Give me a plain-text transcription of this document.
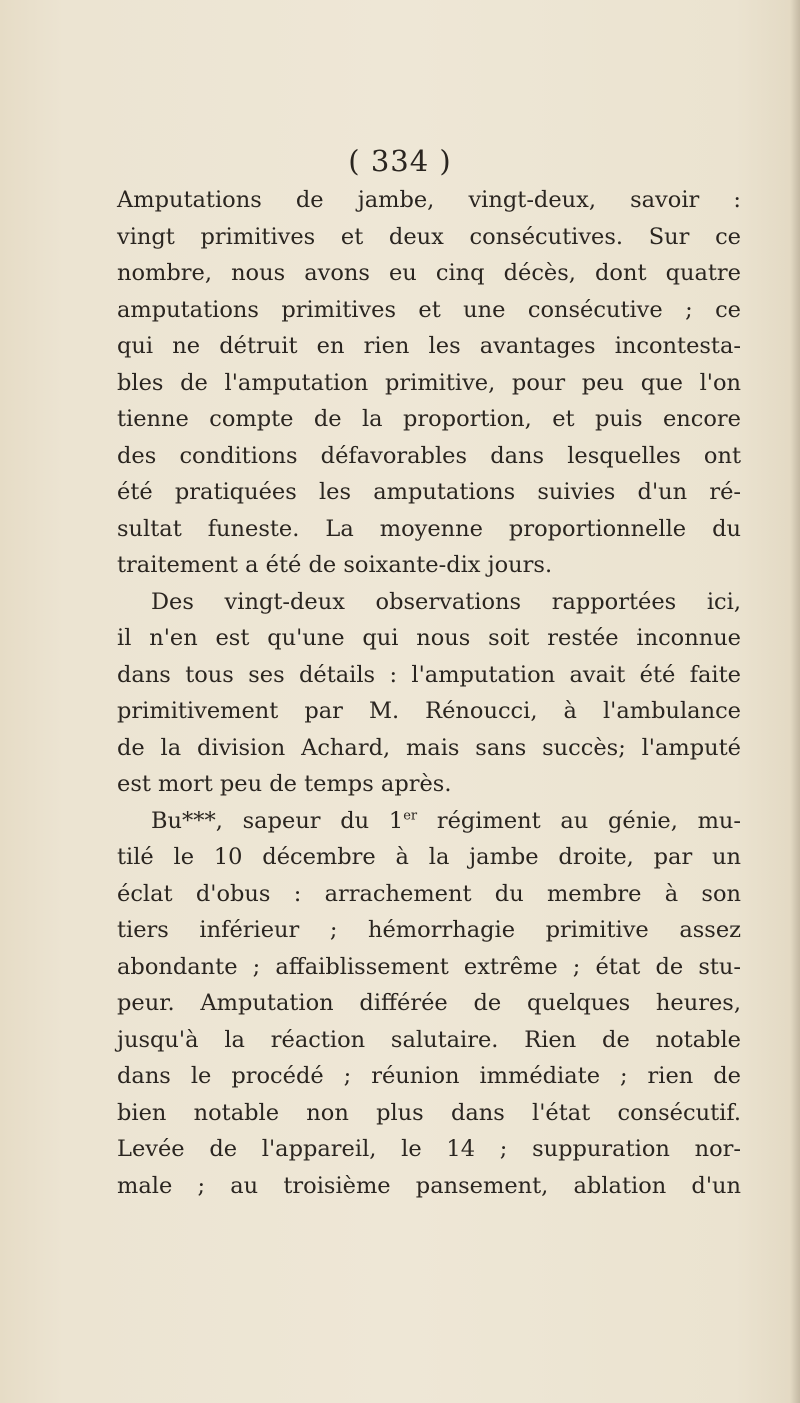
( 334 )
Amputations de jambe, vingt-deux, savoir :
vingt primitives et deux consécutives. Sur ce
nombre, nous avons eu cinq décès, dont quatre
amputations primitives et une consécutive ; ce
qui ne détruit en rien les avantages incontesta-
bles de l'amputation primitive, pour peu que l'on
tienne compte de la proportion, et puis encore
des conditions défavorables dans lesquelles ont
été pratiquées les amputations suivies d'un ré-
sultat funeste. La moyenne proportionnelle du
traitement a été de soixante-dix jours.
Des vingt-deux observations rapportées ici,
il n'en est qu'une qui nous soit restée inconnue
dans tous ses détails : l'amputation avait été faite
primitivement par M. Rénoucci, à l'ambulance
de la division Achard, mais sans succès; l'amputé
est mort peu de temps après.
Bu***, sapeur du 1er régiment au génie, mu-
tilé le 10 décembre à la jambe droite, par un
éclat d'obus : arrachement du membre à son
tiers inférieur ; hémorrhagie primitive assez
abondante ; affaiblissement extrême ; état de stu-
peur. Amputation différée de quelques heures,
jusqu'à la réaction salutaire. Rien de notable
dans le procédé ; réunion immédiate ; rien de
bien notable non plus dans l'état consécutif.
Levée de l'appareil, le 14 ; suppuration nor-
male ; au troisième pansement, ablation d'un
